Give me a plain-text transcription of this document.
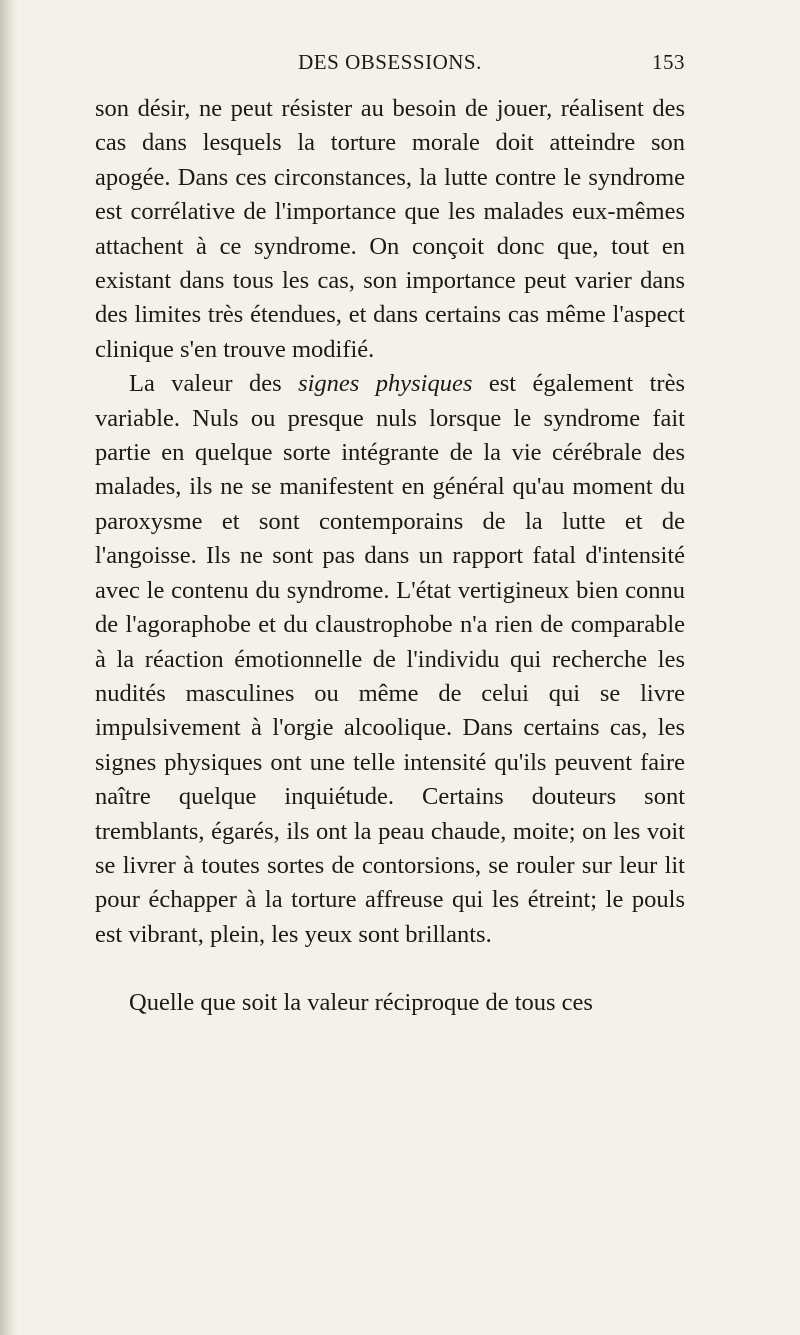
DES OBSESSIONS.	153

son désir, ne peut résister au besoin de jouer, réalisent des cas dans lesquels la torture morale doit atteindre son apogée. Dans ces circonstances, la lutte contre le syndrome est corrélative de l'importance que les malades eux-mêmes attachent à ce syndrome. On conçoit donc que, tout en existant dans tous les cas, son importance peut varier dans des limites très étendues, et dans certains cas même l'aspect clinique s'en trouve modifié.

La valeur des signes physiques est également très variable. Nuls ou presque nuls lorsque le syndrome fait partie en quelque sorte intégrante de la vie cérébrale des malades, ils ne se manifestent en général qu'au moment du paroxysme et sont contemporains de la lutte et de l'angoisse. Ils ne sont pas dans un rapport fatal d'intensité avec le contenu du syndrome. L'état vertigineux bien connu de l'agoraphobe et du claustrophobe n'a rien de comparable à la réaction émotionnelle de l'individu qui recherche les nudités masculines ou même de celui qui se livre impulsivement à l'orgie alcoolique. Dans certains cas, les signes physiques ont une telle intensité qu'ils peuvent faire naître quelque inquiétude. Certains douteurs sont tremblants, égarés, ils ont la peau chaude, moite; on les voit se livrer à toutes sortes de contorsions, se rouler sur leur lit pour échapper à la torture affreuse qui les étreint; le pouls est vibrant, plein, les yeux sont brillants.

Quelle que soit la valeur réciproque de tous ces
